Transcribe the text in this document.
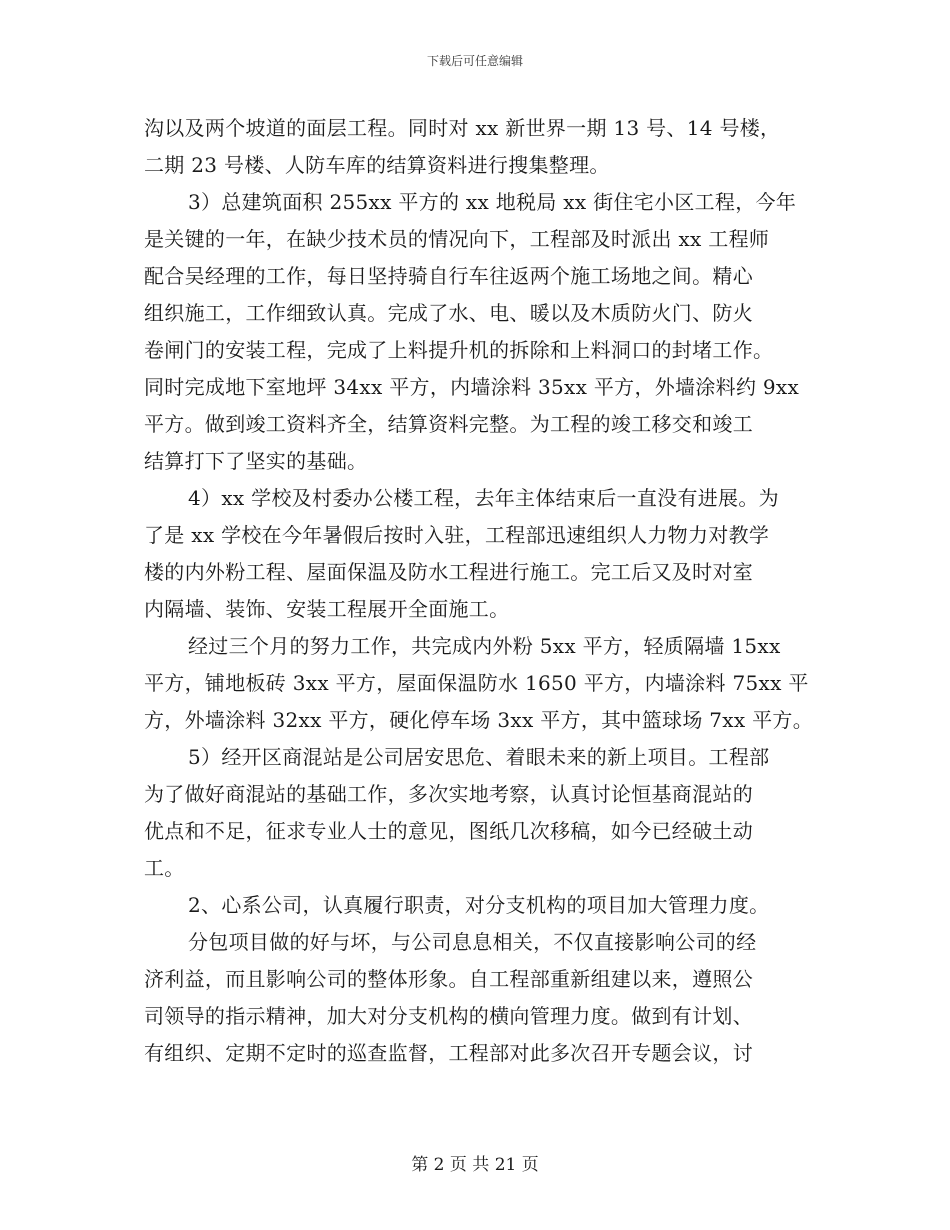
下载后可任意编辑
沟以及两个坡道的面层工程。同时对 xx 新世界一期 13 号、14 号楼，
二期 23 号楼、人防车库的结算资料进行搜集整理。
3）总建筑面积 255xx 平方的 xx 地税局 xx 街住宅小区工程，今年
是关键的一年，在缺少技术员的情况向下，工程部及时派出 xx 工程师
配合吴经理的工作，每日坚持骑自行车往返两个施工场地之间。精心
组织施工，工作细致认真。完成了水、电、暖以及木质防火门、防火
卷闸门的安装工程，完成了上料提升机的拆除和上料洞口的封堵工作。
同时完成地下室地坪 34xx 平方，内墙涂料 35xx 平方，外墙涂料约 9xx
平方。做到竣工资料齐全，结算资料完整。为工程的竣工移交和竣工
结算打下了坚实的基础。
4）xx 学校及村委办公楼工程，去年主体结束后一直没有进展。为
了是 xx 学校在今年暑假后按时入驻，工程部迅速组织人力物力对教学
楼的内外粉工程、屋面保温及防水工程进行施工。完工后又及时对室
内隔墙、装饰、安装工程展开全面施工。
经过三个月的努力工作，共完成内外粉 5xx 平方，轻质隔墙 15xx
平方，铺地板砖 3xx 平方，屋面保温防水 1650 平方，内墙涂料 75xx 平
方，外墙涂料 32xx 平方，硬化停车场 3xx 平方，其中篮球场 7xx 平方。
5）经开区商混站是公司居安思危、着眼未来的新上项目。工程部
为了做好商混站的基础工作，多次实地考察，认真讨论恒基商混站的
优点和不足，征求专业人士的意见，图纸几次移稿，如今已经破土动
工。
2、心系公司，认真履行职责，对分支机构的项目加大管理力度。
分包项目做的好与坏，与公司息息相关，不仅直接影响公司的经
济利益，而且影响公司的整体形象。自工程部重新组建以来，遵照公
司领导的指示精神，加大对分支机构的横向管理力度。做到有计划、
有组织、定期不定时的巡查监督，工程部对此多次召开专题会议，讨
第 2 页 共 21 页
